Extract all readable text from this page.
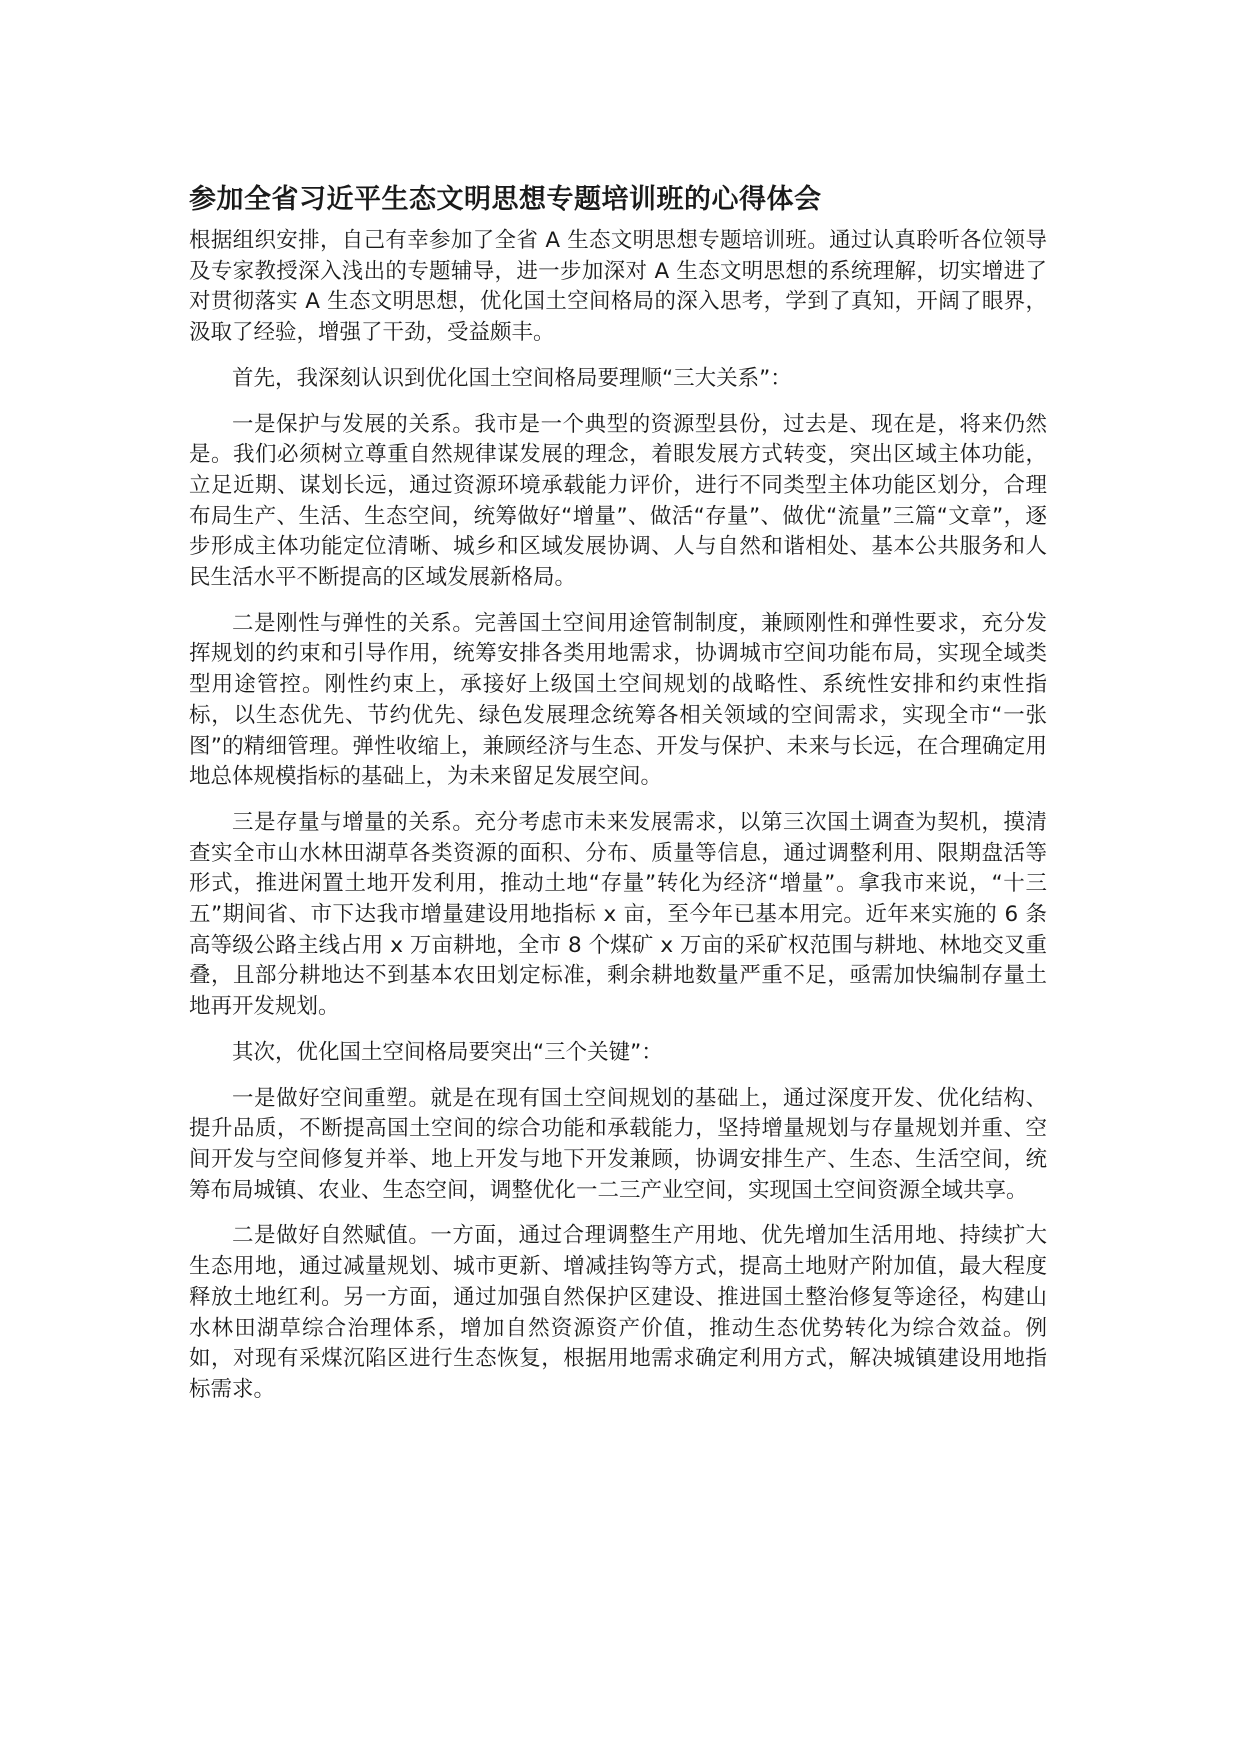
参加全省习近平生态文明思想专题培训班的心得体会

根据组织安排，自己有幸参加了全省 A 生态文明思想专题培训班。通过认真聆听各位领导及专家教授深入浅出的专题辅导，进一步加深对 A 生态文明思想的系统理解，切实增进了对贯彻落实 A 生态文明思想，优化国土空间格局的深入思考，学到了真知，开阔了眼界，汲取了经验，增强了干劲，受益颇丰。

首先，我深刻认识到优化国土空间格局要理顺“三大关系”：

一是保护与发展的关系。我市是一个典型的资源型县份，过去是、现在是，将来仍然是。我们必须树立尊重自然规律谋发展的理念，着眼发展方式转变，突出区域主体功能，立足近期、谋划长远，通过资源环境承载能力评价，进行不同类型主体功能区划分，合理布局生产、生活、生态空间，统筹做好“增量”、做活“存量”、做优“流量”三篇“文章”，逐步形成主体功能定位清晰、城乡和区域发展协调、人与自然和谐相处、基本公共服务和人民生活水平不断提高的区域发展新格局。

二是刚性与弹性的关系。完善国土空间用途管制制度，兼顾刚性和弹性要求，充分发挥规划的约束和引导作用，统筹安排各类用地需求，协调城市空间功能布局，实现全域类型用途管控。刚性约束上，承接好上级国土空间规划的战略性、系统性安排和约束性指标，以生态优先、节约优先、绿色发展理念统筹各相关领域的空间需求，实现全市“一张图”的精细管理。弹性收缩上，兼顾经济与生态、开发与保护、未来与长远，在合理确定用地总体规模指标的基础上，为未来留足发展空间。

三是存量与增量的关系。充分考虑市未来发展需求，以第三次国土调查为契机，摸清查实全市山水林田湖草各类资源的面积、分布、质量等信息，通过调整利用、限期盘活等形式，推进闲置土地开发利用，推动土地“存量”转化为经济“增量”。拿我市来说，“十三五”期间省、市下达我市增量建设用地指标 x 亩，至今年已基本用完。近年来实施的 6 条高等级公路主线占用 x 万亩耕地，全市 8 个煤矿 x 万亩的采矿权范围与耕地、林地交叉重叠，且部分耕地达不到基本农田划定标准，剩余耕地数量严重不足，亟需加快编制存量土地再开发规划。

其次，优化国土空间格局要突出“三个关键”：

一是做好空间重塑。就是在现有国土空间规划的基础上，通过深度开发、优化结构、提升品质，不断提高国土空间的综合功能和承载能力，坚持增量规划与存量规划并重、空间开发与空间修复并举、地上开发与地下开发兼顾，协调安排生产、生态、生活空间，统筹布局城镇、农业、生态空间，调整优化一二三产业空间，实现国土空间资源全域共享。

二是做好自然赋值。一方面，通过合理调整生产用地、优先增加生活用地、持续扩大生态用地，通过减量规划、城市更新、增减挂钩等方式，提高土地财产附加值，最大程度释放土地红利。另一方面，通过加强自然保护区建设、推进国土整治修复等途径，构建山水林田湖草综合治理体系，增加自然资源资产价值，推动生态优势转化为综合效益。例如，对现有采煤沉陷区进行生态恢复，根据用地需求确定利用方式，解决城镇建设用地指标需求。
